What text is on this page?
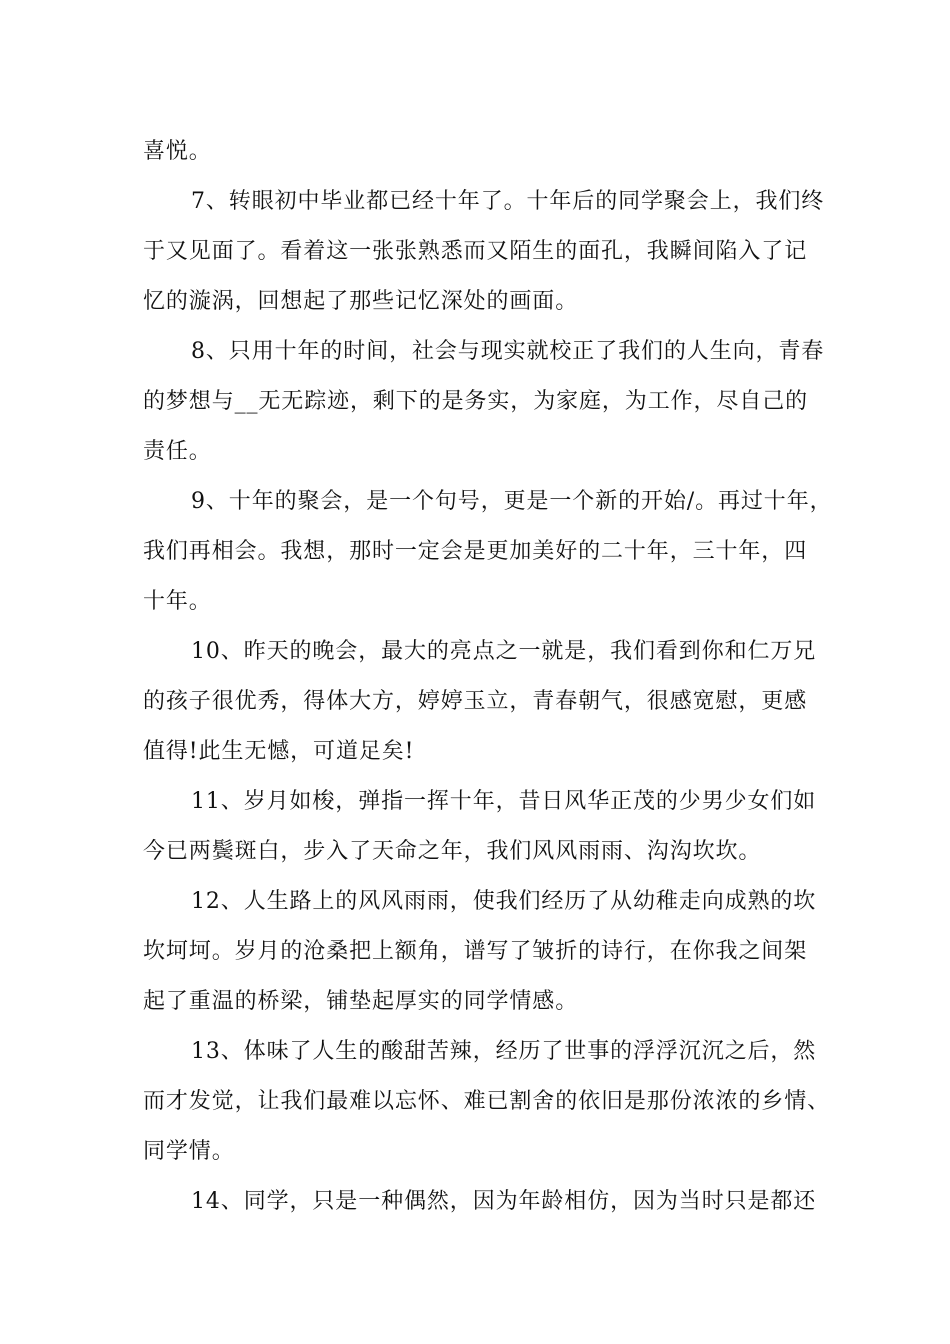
喜悦。
7、转眼初中毕业都已经十年了。十年后的同学聚会上，我们终
于又见面了。看着这一张张熟悉而又陌生的面孔，我瞬间陷入了记
忆的漩涡，回想起了那些记忆深处的画面。
8、只用十年的时间，社会与现实就校正了我们的人生向，青春
的梦想与__无无踪迹，剩下的是务实，为家庭，为工作，尽自己的
责任。
9、十年的聚会，是一个句号，更是一个新的开始/。再过十年，
我们再相会。我想，那时一定会是更加美好的二十年，三十年，四
十年。
10、昨天的晚会，最大的亮点之一就是，我们看到你和仁万兄
的孩子很优秀，得体大方，婷婷玉立，青春朝气，很感宽慰，更感
值得!此生无憾，可道足矣!
11、岁月如梭，弹指一挥十年，昔日风华正茂的少男少女们如
今已两鬓斑白，步入了天命之年，我们风风雨雨、沟沟坎坎。
12、人生路上的风风雨雨，使我们经历了从幼稚走向成熟的坎
坎坷坷。岁月的沧桑把上额角，谱写了皱折的诗行，在你我之间架
起了重温的桥梁，铺垫起厚实的同学情感。
13、体味了人生的酸甜苦辣，经历了世事的浮浮沉沉之后，然
而才发觉，让我们最难以忘怀、难已割舍的依旧是那份浓浓的乡情、
同学情。
14、同学，只是一种偶然，因为年龄相仿，因为当时只是都还
